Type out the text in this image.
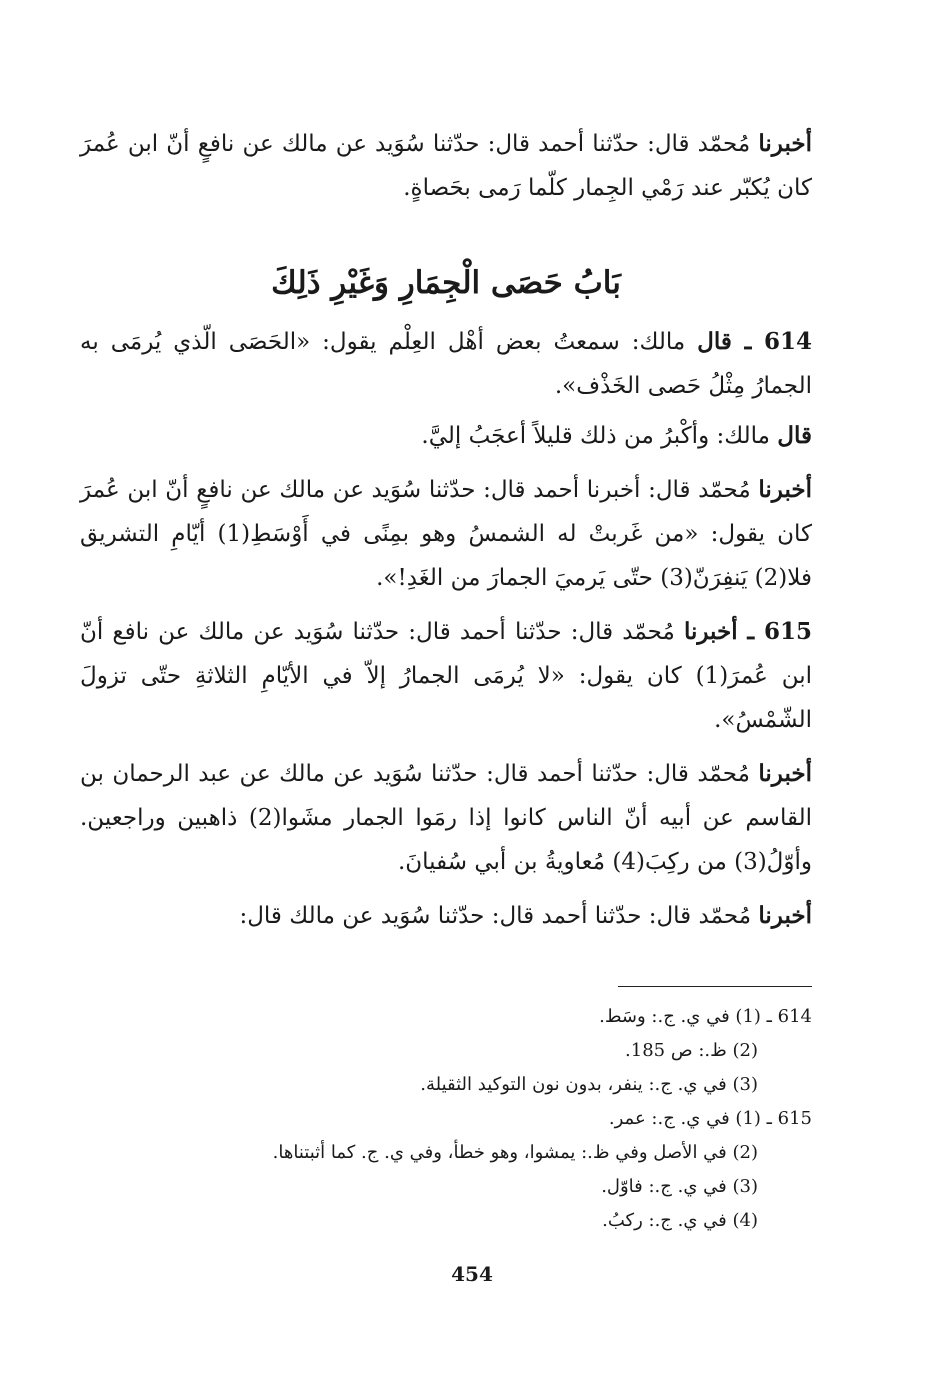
أخبرنا مُحمّد قال: حدّثنا أحمد قال: حدّثنا سُوَيد عن مالك عن نافعٍ أنّ ابن عُمرَ كان يُكبّر عند رَمْي الجِمار كلّما رَمى بحَصاةٍ.

بَابُ حَصَى الْجِمَارِ وَغَيْرِ ذَلِكَ

614 ـ قال مالك: سمعتُ بعض أهْل العِلْم يقول: «الحَصَى الّذي يُرمَى به الجمارُ مِثْلُ حَصى الخَذْف».

قال مالك: وأكْبرُ من ذلك قليلاً أعجَبُ إليَّ.

أخبرنا مُحمّد قال: أخبرنا أحمد قال: حدّثنا سُوَيد عن مالك عن نافعٍ أنّ ابن عُمرَ كان يقول: «من غَربتْ له الشمسُ وهو بمِنًى في أَوْسَطِ(1) أيّامِ التشريق فلا(2) يَنفِرَنّ(3) حتّى يَرميَ الجمارَ من الغَدِ!».

615 ـ أخبرنا مُحمّد قال: حدّثنا أحمد قال: حدّثنا سُوَيد عن مالك عن نافع أنّ ابن عُمرَ(1) كان يقول: «لا يُرمَى الجمارُ إلاّ في الأيّامِ الثلاثةِ حتّى تزولَ الشّمْسُ».

أخبرنا مُحمّد قال: حدّثنا أحمد قال: حدّثنا سُوَيد عن مالك عن عبد الرحمان بن القاسم عن أبيه أنّ الناس كانوا إذا رمَوا الجمار مشَوا(2) ذاهبين وراجعين. وأوّلُ(3) من ركِبَ(4) مُعاويةُ بن أبي سُفيانَ.

أخبرنا مُحمّد قال: حدّثنا أحمد قال: حدّثنا سُوَيد عن مالك قال:

614 ـ (1) في ي. ج.: وسَط.

(2) ظ.: ص 185.

(3) في ي. ج.: ينفر، بدون نون التوكيد الثقيلة.

615 ـ (1) في ي. ج.: عمر.

(2) في الأصل وفي ظ.: يمشوا، وهو خطأ، وفي ي. ج. كما أثبتناها.

(3) في ي. ج.: فاوّل.

(4) في ي. ج.: ركبُ.

454
